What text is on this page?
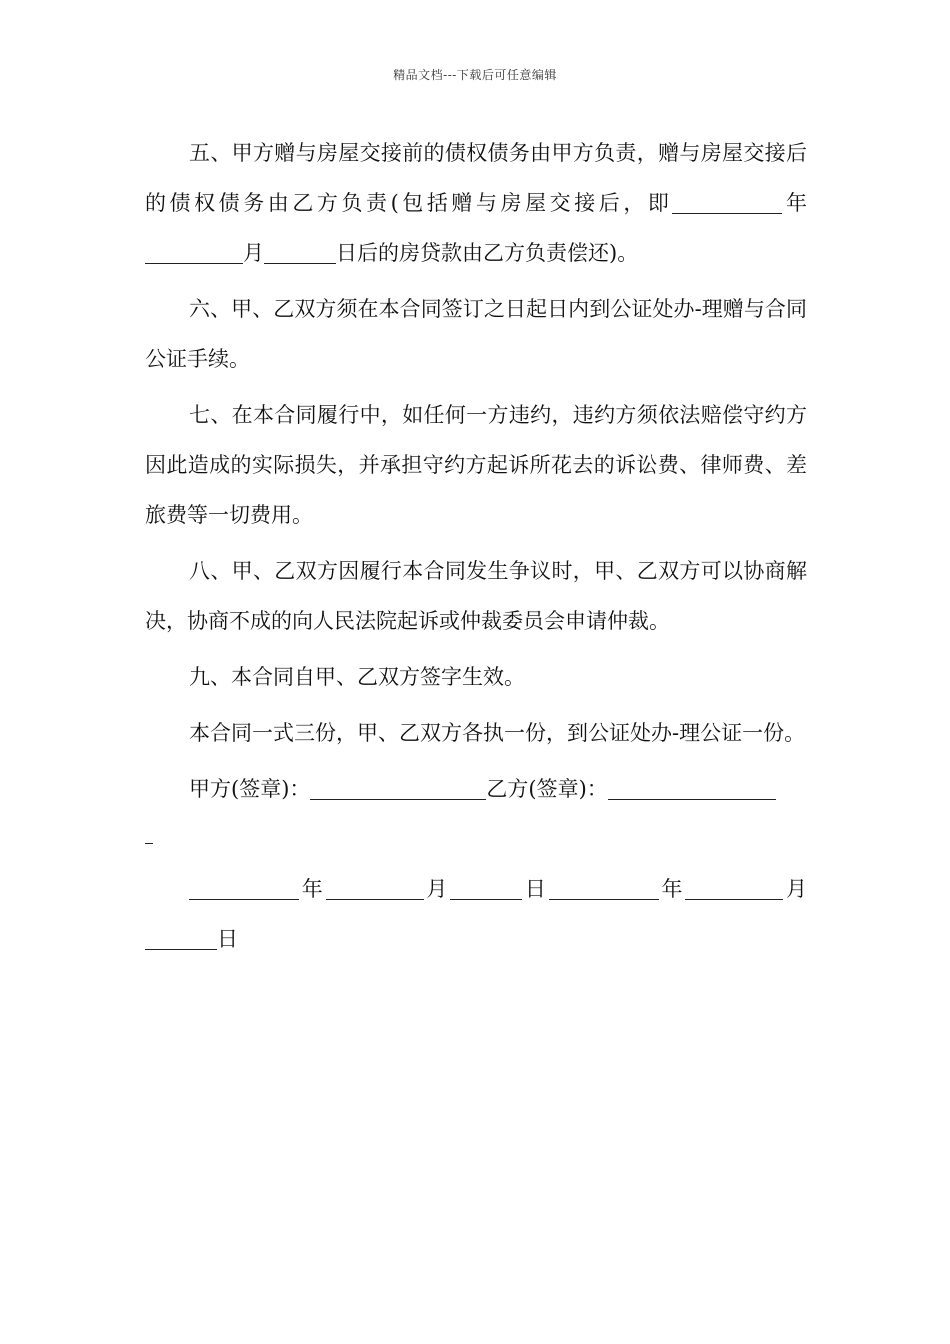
精品文档---下载后可任意编辑

五、甲方赠与房屋交接前的债权债务由甲方负责，赠与房屋交接后的债权债务由乙方负责(包括赠与房屋交接后，即	年月	日后的房贷款由乙方负责偿还)。

六、甲、乙双方须在本合同签订之日起日内到公证处办-理赠与合同公证手续。

七、在本合同履行中，如任何一方违约，违约方须依法赔偿守约方因此造成的实际损失，并承担守约方起诉所花去的诉讼费、律师费、差旅费等一切费用。

八、甲、乙双方因履行本合同发生争议时，甲、乙双方可以协商解决，协商不成的向人民法院起诉或仲裁委员会申请仲裁。

九、本合同自甲、乙双方签字生效。

本合同一式三份，甲、乙双方各执一份，到公证处办-理公证一份。

甲方(签章)：	乙方(签章)：

年	月	日	年	月日
